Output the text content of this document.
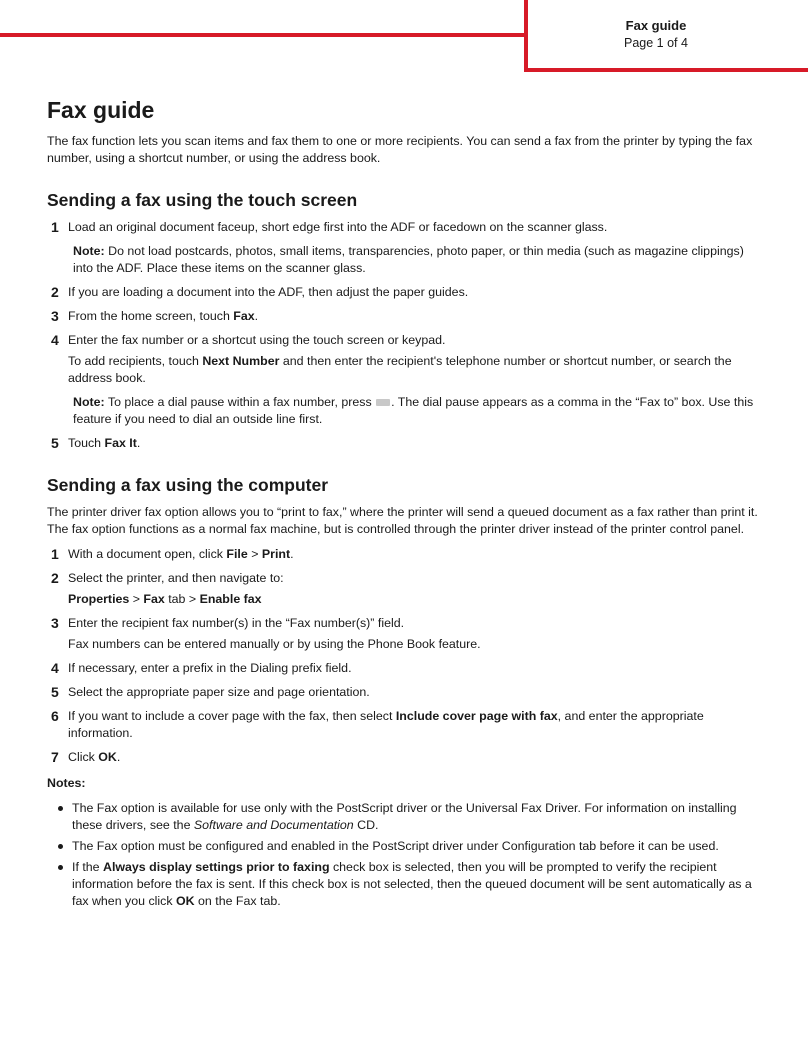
Fax guide
Page 1 of 4
Fax guide

The fax function lets you scan items and fax them to one or more recipients. You can send a fax from the printer by typing the fax number, using a shortcut number, or using the address book.

Sending a fax using the touch screen
1 Load an original document faceup, short edge first into the ADF or facedown on the scanner glass.

Note: Do not load postcards, photos, small items, transparencies, photo paper, or thin media (such as magazine clippings) into the ADF. Place these items on the scanner glass.

2 If you are loading a document into the ADF, then adjust the paper guides.

3 From the home screen, touch Fax.

4 Enter the fax number or a shortcut using the touch screen or keypad.

To add recipients, touch Next Number and then enter the recipient's telephone number or shortcut number, or search the address book.

Note: To place a dial pause within a fax number, press . The dial pause appears as a comma in the “Fax to” box. Use this feature if you need to dial an outside line first.

5 Touch Fax It.

Sending a fax using the computer

The printer driver fax option allows you to “print to fax,” where the printer will send a queued document as a fax rather than print it. The fax option functions as a normal fax machine, but is controlled through the printer driver instead of the printer control panel.

1 With a document open, click File > Print.

2 Select the printer, and then navigate to:

Properties > Fax tab > Enable fax

3 Enter the recipient fax number(s) in the “Fax number(s)” field.

Fax numbers can be entered manually or by using the Phone Book feature.

4 If necessary, enter a prefix in the Dialing prefix field.

5 Select the appropriate paper size and page orientation.

6 If you want to include a cover page with the fax, then select Include cover page with fax, and enter the appropriate information.

7 Click OK.

Notes:

The Fax option is available for use only with the PostScript driver or the Universal Fax Driver. For information on installing these drivers, see the Software and Documentation CD.
The Fax option must be configured and enabled in the PostScript driver under Configuration tab before it can be used.
If the Always display settings prior to faxing check box is selected, then you will be prompted to verify the recipient information before the fax is sent. If this check box is not selected, then the queued document will be sent automatically as a fax when you click OK on the Fax tab.
